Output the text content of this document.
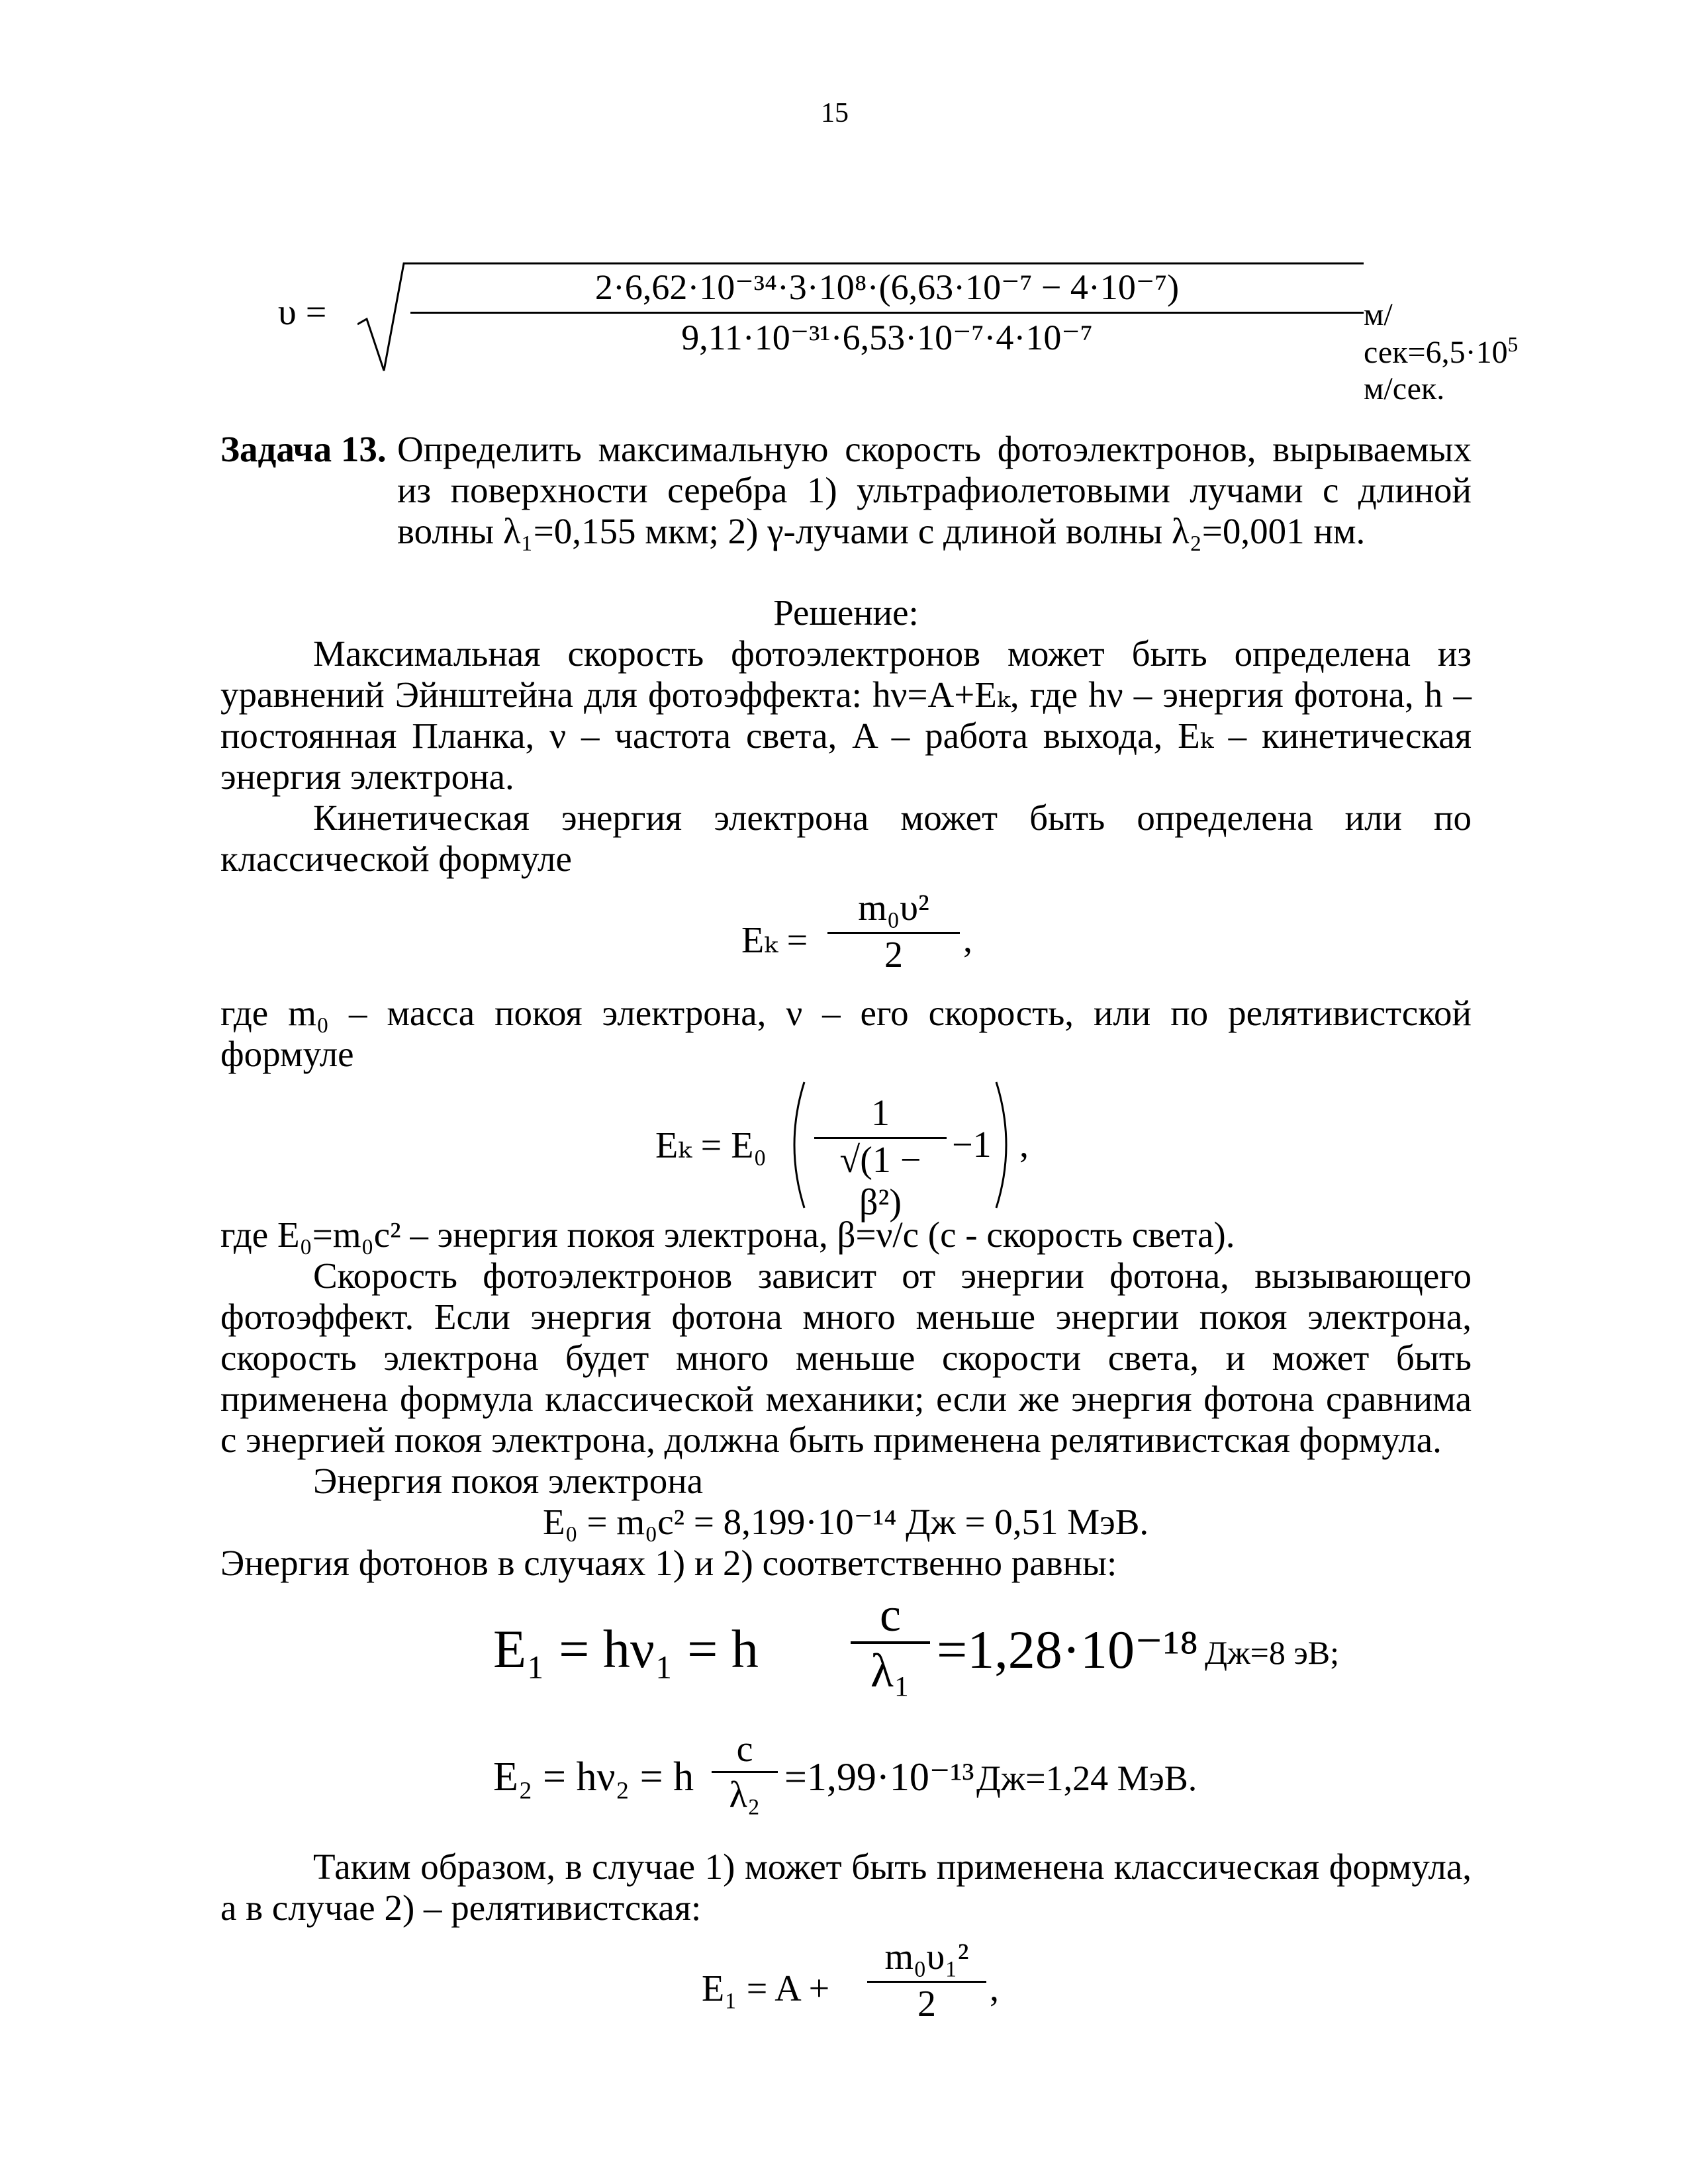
15
$\upsilon = \frac{\text{2·6,62·10⁻³⁴·3·10⁸·(6,63·10⁻⁷ − 4·10⁻⁷)}}{\text{9,11·10⁻³¹·6,53·10⁻⁷·4·10⁻⁷}} м/сек=6,5\cdot 10^5$ м/сек.
Задача 13. Определить максимальную скорость фотоэлектронов, вырываемых
из поверхности серебра 1) ультрафиолетовыми лучами с длиной
волны λ₁=0,155 мкм; 2) γ-лучами с длиной волны λ₂=0,001 нм.
Решение:
Максимальная скорость фотоэлектронов может быть определена из
уравнений Эйнштейна для фотоэффекта: hν=A+Eₖ, где hν – энергия фотона, h –
постоянная Планка, ν – частота света, A – работа выхода, Eₖ – кинетическая
энергия электрона.
Кинетическая энергия электрона может быть определена или по
классической формуле
$E_k = \frac{\text{m₀υ²}}{2}$ ,
где m₀ – масса покоя электрона, ν – его скорость, или по релятивистской
формуле
$E_k = E_0 \frac{1}{\text{√(1 − β²)}} -1$ ,
где E₀=m₀c² – энергия покоя электрона, β=ν/c (c - скорость света).
Скорость фотоэлектронов зависит от энергии фотона, вызывающего
фотоэффект. Если энергия фотона много меньше энергии покоя электрона,
скорость электрона будет много меньше скорости света, и может быть
применена формула классической механики; если же энергия фотона сравнима
с энергией покоя электрона, должна быть применена релятивистская формула.
Энергия покоя электрона
E₀ = m₀c² = 8,199·10⁻¹⁴ Дж = 0,51 МэВ.
Энергия фотонов в случаях 1) и 2) соответственно равны:
E₁ = hν₁ = h $\frac{c}{\text{λ₁}} =1,28\cdot 10^{-18}$ Дж=8 эВ;
E₂ = hν₂ = h $\frac{c}{\text{λ₂}} =1,99\cdot 10^{-13}$ Дж=1,24 МэВ.
Таким образом, в случае 1) может быть применена классическая формула,
а в случае 2) – релятивистская:
$E_1 = A + \frac{\text{m₀υ₁²}}{2}$ ,
